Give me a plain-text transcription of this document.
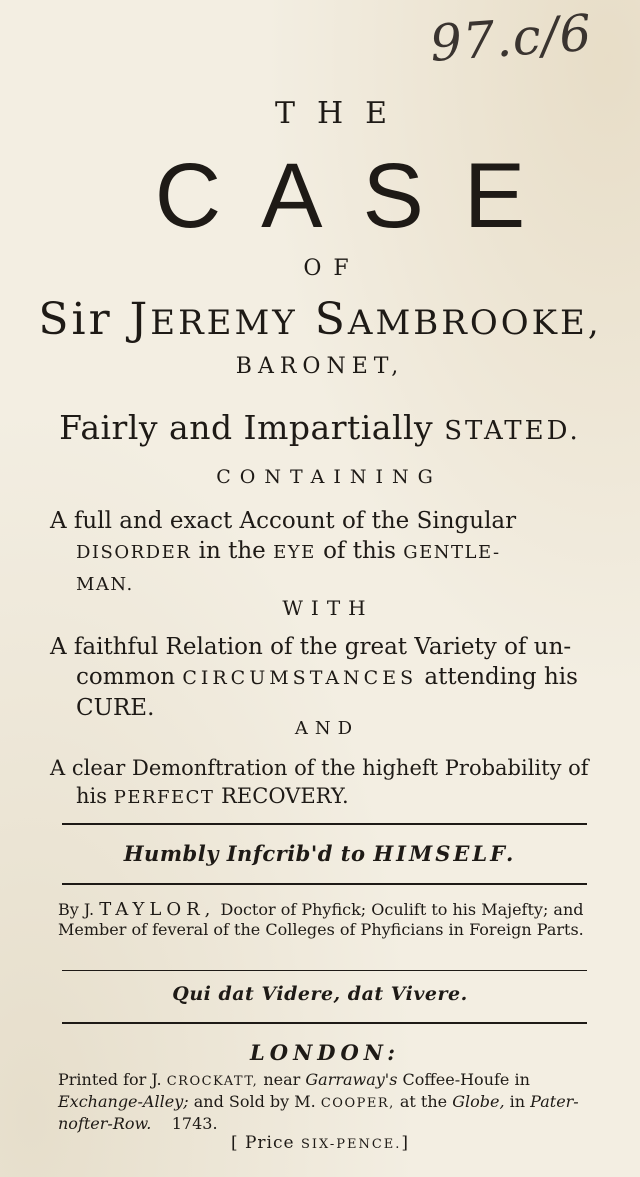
97.c/6
THE
CASE
OF
Sir JEREMY SAMBROOKE,
BARONET,
Fairly and Impartially STATED.
CONTAINING
A full and exact Account of the Singular
DISORDER in the EYE of this GENTLE-
MAN.
WITH
A faithful Relation of the great Variety of un-
common CIRCUMSTANCES attending his
CURE.
AND
A clear Demonftration of the higheft Probability of
his PERFECT RECOVERY.
Humbly Infcrib'd to HIMSELF.
By J. TAYLOR, Doctor of Phyfick; Oculift to his Majefty; and Member of feveral of the Colleges of Phyficians in Foreign Parts.
Qui dat Videre, dat Vivere.
LONDON:
Printed for J. CROCKATT, near Garraway's Coffee-Houfe in Exchange-Alley; and Sold by M. COOPER, at the Globe, in Pater-nofter-Row. 1743.
[ Price SIX-PENCE.]
